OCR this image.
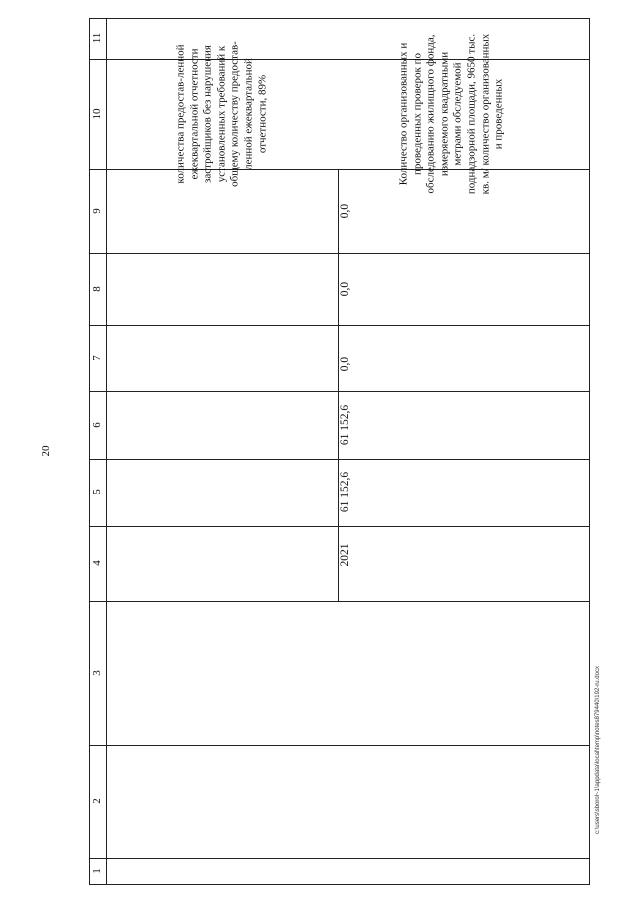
20
1
2
3
4
5
6
7
8
9
10
11
количества предостав-ленной ежеквартальной отчетности застройщиков без нарушения установленных требований к общему количеству предостав-ленной ежеквартальной отчетности, 89%
2021
61 152,6
61 152,6
0,0
0,0
0,0
Количество организованных и проведенных проверок по обследованию жилищного фонда, измеряемого квадратными метрами обследуемой поднадзорной площади, 9650 тыс. кв. м/ количество организованных и проведенных
c:\users\sborol~1\appdata\local\temp\notes879440\192-ru.docx
